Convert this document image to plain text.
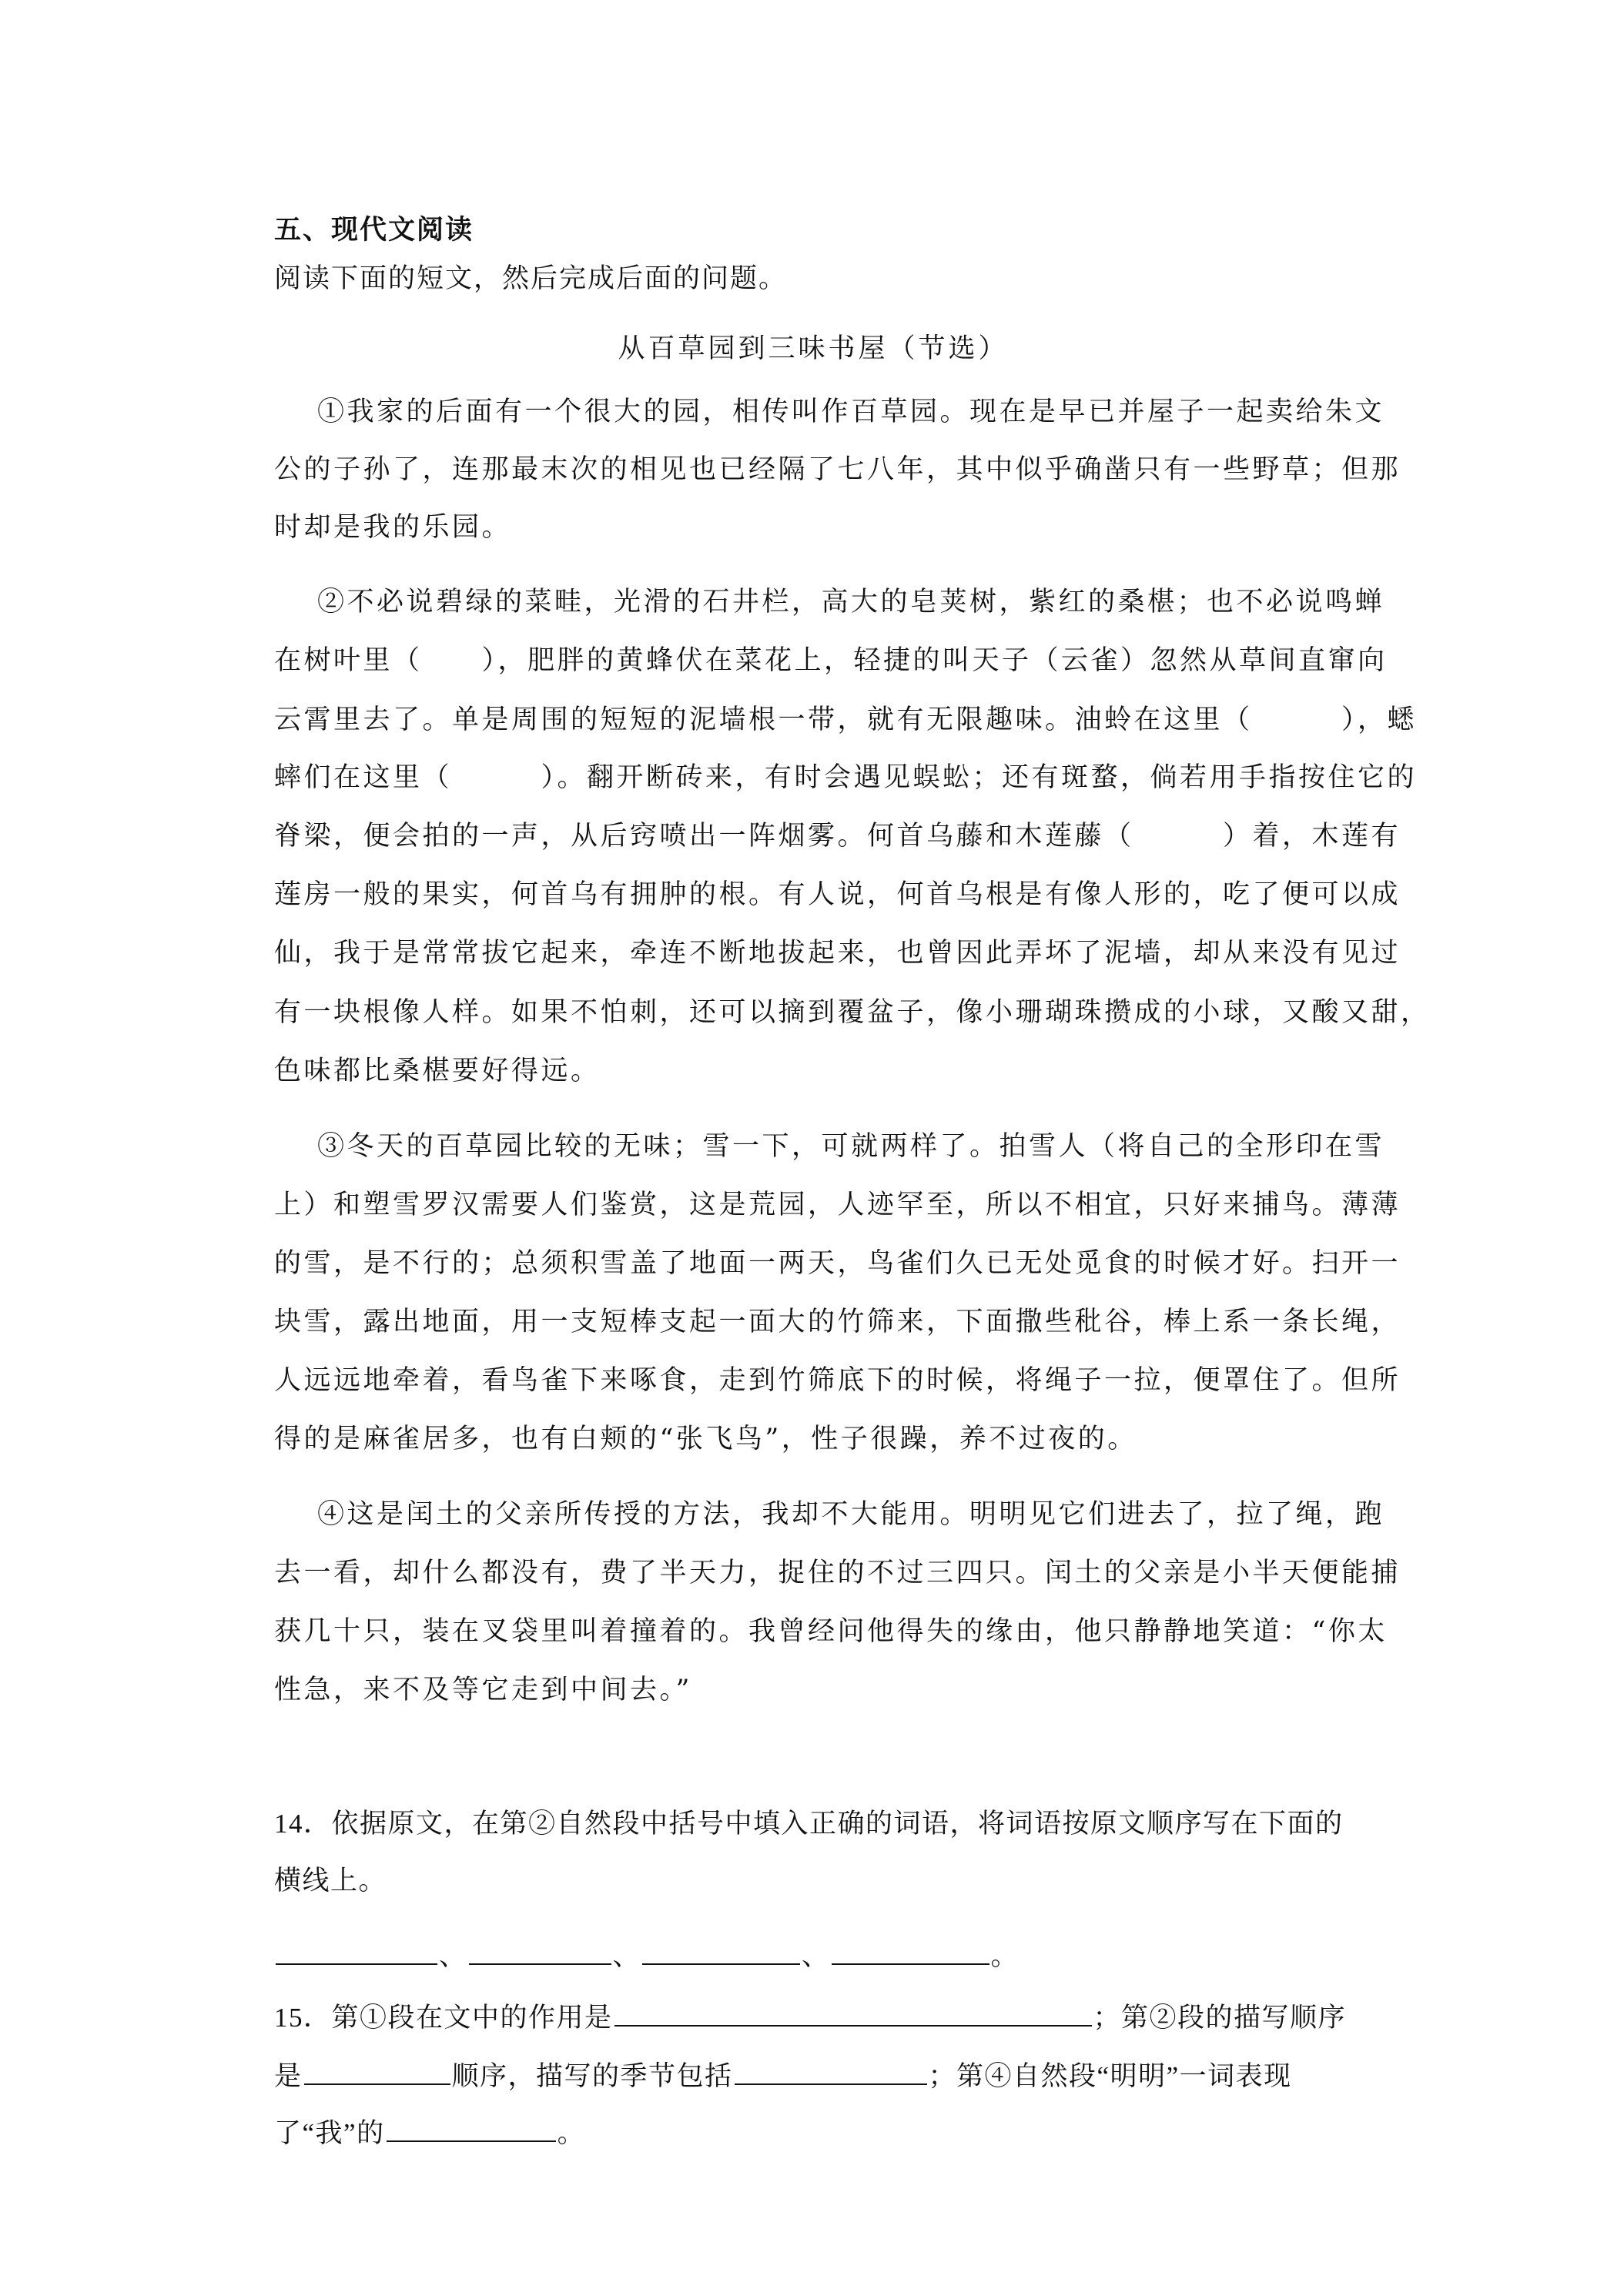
五、现代文阅读
阅读下面的短文，然后完成后面的问题。
从百草园到三味书屋（节选）
①我家的后面有一个很大的园，相传叫作百草园。现在是早已并屋子一起卖给朱文
公的子孙了，连那最末次的相见也已经隔了七八年，其中似乎确凿只有一些野草；但那
时却是我的乐园。
②不必说碧绿的菜畦，光滑的石井栏，高大的皂荚树，紫红的桑椹；也不必说鸣蝉
在树叶里（　　），肥胖的黄蜂伏在菜花上，轻捷的叫天子（云雀）忽然从草间直窜向
云霄里去了。单是周围的短短的泥墙根一带，就有无限趣味。油蛉在这里（　　　），蟋
蟀们在这里（　　　）。翻开断砖来，有时会遇见蜈蚣；还有斑蝥，倘若用手指按住它的
脊梁，便会拍的一声，从后窍喷出一阵烟雾。何首乌藤和木莲藤（　　　）着，木莲有
莲房一般的果实，何首乌有拥肿的根。有人说，何首乌根是有像人形的，吃了便可以成
仙，我于是常常拔它起来，牵连不断地拔起来，也曾因此弄坏了泥墙，却从来没有见过
有一块根像人样。如果不怕刺，还可以摘到覆盆子，像小珊瑚珠攒成的小球，又酸又甜，
色味都比桑椹要好得远。
③冬天的百草园比较的无味；雪一下，可就两样了。拍雪人（将自己的全形印在雪
上）和塑雪罗汉需要人们鉴赏，这是荒园，人迹罕至，所以不相宜，只好来捕鸟。薄薄
的雪，是不行的；总须积雪盖了地面一两天，鸟雀们久已无处觅食的时候才好。扫开一
块雪，露出地面，用一支短棒支起一面大的竹筛来，下面撒些秕谷，棒上系一条长绳，
人远远地牵着，看鸟雀下来啄食，走到竹筛底下的时候，将绳子一拉，便罩住了。但所
得的是麻雀居多，也有白颊的“张飞鸟”，性子很躁，养不过夜的。
④这是闰土的父亲所传授的方法，我却不大能用。明明见它们进去了，拉了绳，跑
去一看，却什么都没有，费了半天力，捉住的不过三四只。闰土的父亲是小半天便能捕
获几十只，装在叉袋里叫着撞着的。我曾经问他得失的缘由，他只静静地笑道：“你太
性急，来不及等它走到中间去。”
14．依据原文，在第②自然段中括号中填入正确的词语，将词语按原文顺序写在下面的
横线上。
、	、	、	。
15．第①段在文中的作用是	；第②段的描写顺序
是	顺序，描写的季节包括	；第④自然段“明明”一词表现
了“我”的	。
